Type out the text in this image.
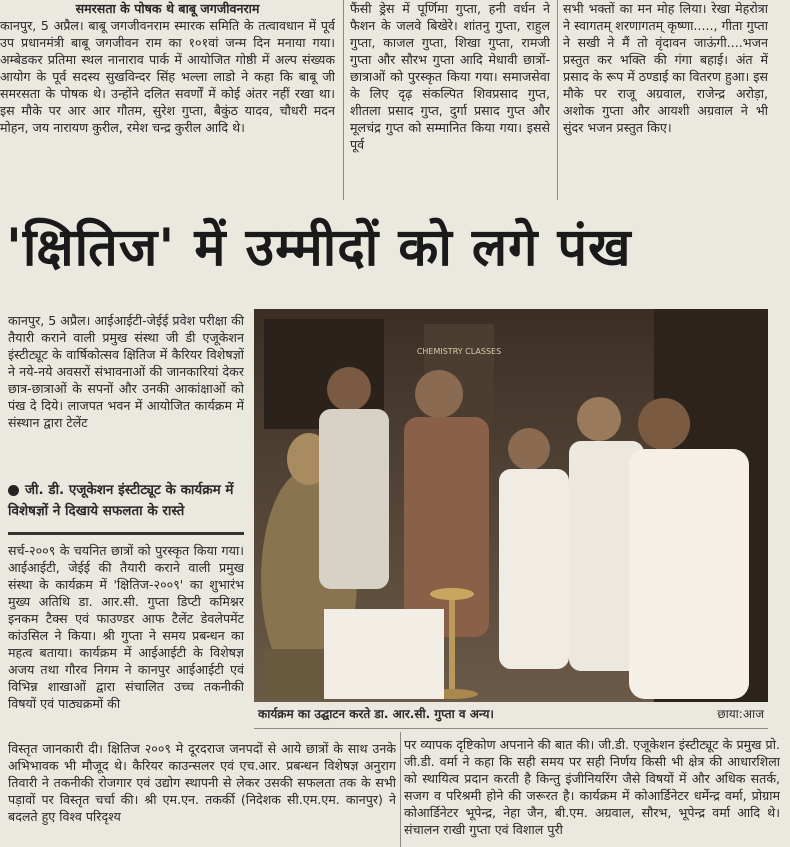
समरसता के पोषक थे बाबू जगजीवनराम

कानपुर, 5 अप्रैल। बाबू जगजीवनराम स्मारक समिति के तत्वावधान में पूर्व उप प्रधानमंत्री बाबू जगजीवन राम का १०१वां जन्म दिन मनाया गया। अम्बेडकर प्रतिमा स्थल नानाराव पार्क में आयोजित गोष्ठी में अल्प संख्यक आयोग के पूर्व सदस्य सुखविन्दर सिंह भल्ला लाडो ने कहा कि बाबू जी समरसता के पोषक थे। उन्होंने दलित सवर्णों में कोई अंतर नहीं रखा था। इस मौके पर आर आर गौतम, सुरेश गुप्ता, बैकुंठ यादव, चौधरी मदन मोहन, जय नारायण कुरील, रमेश चन्द्र कुरील आदि थे।

फैंसी ड्रेस में पूर्णिमा गुप्ता, हनी वर्धन ने फैशन के जलवे बिखेरे। शांतनु गुप्ता, राहुल गुप्ता, काजल गुप्ता, शिखा गुप्ता, रामजी गुप्ता और सौरभ गुप्ता आदि मेधावी छात्रों-छात्राओं को पुरस्कृत किया गया। समाजसेवा के लिए दृढ़ संकल्पित शिवप्रसाद गुप्त, शीतला प्रसाद गुप्त, दुर्गा प्रसाद गुप्त और मूलचंद्र गुप्त को सम्मानित किया गया। इससे पूर्व

सभी भक्तों का मन मोह लिया। रेखा मेहरोत्रा ने स्वागतम् शरणागतम् कृष्णा....., गीता गुप्ता ने सखी ने मैं तो वृंदावन जाऊंगी....भजन प्रस्तुत कर भक्ति की गंगा बहाई। अंत में प्रसाद के रूप में ठण्डाई का वितरण हुआ। इस मौके पर राजू अग्रवाल, राजेन्द्र अरोड़ा, अशोक गुप्ता और आयशी अग्रवाल ने भी सुंदर भजन प्रस्तुत किए।

'क्षितिज' में उम्मीदों को लगे पंख

कानपुर, 5 अप्रैल। आईआईटी-जेईई प्रवेश परीक्षा की तैयारी कराने वाली प्रमुख संस्था जी डी एजूकेशन इंस्टीट्यूट के वार्षिकोत्सव क्षितिज में कैरियर विशेषज्ञों ने नये-नये अवसरों संभावनाओं की जानकारियां देकर छात्र-छात्राओं के सपनों और उनकी आकांक्षाओं को पंख दे दिये। लाजपत भवन में आयोजित कार्यक्रम में संस्थान द्वारा टेलेंट

जी. डी. एजूकेशन इंस्टीट्यूट के कार्यक्रम में विशेषज्ञों ने दिखाये सफलता के रास्ते

सर्च-२००९ के चयनित छात्रों को पुरस्कृत किया गया। आईआईटी, जेईई की तैयारी कराने वाली प्रमुख संस्था के कार्यक्रम में 'क्षितिज-२००९' का शुभारंभ मुख्य अतिथि डा. आर.सी. गुप्ता डिप्टी कमिश्नर इनकम टैक्स एवं फाउण्डर आफ टैलेंट डेवलेपमेंट कांउसिल ने किया। श्री गुप्ता ने समय प्रबन्धन का महत्व बताया। कार्यक्रम में आईआईटी के विशेषज्ञ अजय तथा गौरव निगम ने कानपुर आईआईटी एवं विभिन्न शाखाओं द्वारा संचालित उच्च तकनीकी विषयों एवं पाठ्यक्रमों की

CHEMISTRY CLASSES
कार्यक्रम का उद्घाटन करते डा. आर.सी. गुप्ता व अन्य।	छाया:आज

विस्तृत जानकारी दी। क्षितिज २००९ मे दूरदराज जनपदों से आये छात्रों के साथ उनके अभिभावक भी मौजूद थे। कैरियर काउन्सलर एवं एच.आर. प्रबन्धन विशेषज्ञ अनुराग तिवारी ने तकनीकी रोजगार एवं उद्योग स्थापनी से लेकर उसकी सफलता तक के सभी पड़ावों पर विस्तृत चर्चा की। श्री एम.एन. तकर्की (निदेशक सी.एम.एम. कानपुर) ने बदलते हुए विश्व परिदृश्य

पर व्यापक दृष्टिकोण अपनाने की बात की। जी.डी. एजूकेशन इंस्टीट्यूट के प्रमुख प्रो. जी.डी. वर्मा ने कहा कि सही समय पर सही निर्णय किसी भी क्षेत्र की आधारशिला को स्थायित्व प्रदान करती है किन्तु इंजीनियरिंग जैसे विषयों में और अधिक सतर्क, सजग व परिश्रमी होने की जरूरत है। कार्यक्रम में कोआर्डिनेटर धर्मेन्द्र वर्मा, प्रोग्राम कोआर्डिनेटर भूपेन्द्र, नेहा जैन, बी.एम. अग्रवाल, सौरभ, भूपेन्द्र वर्मा आदि थे। संचालन राखी गुप्ता एवं विशाल पुरी
